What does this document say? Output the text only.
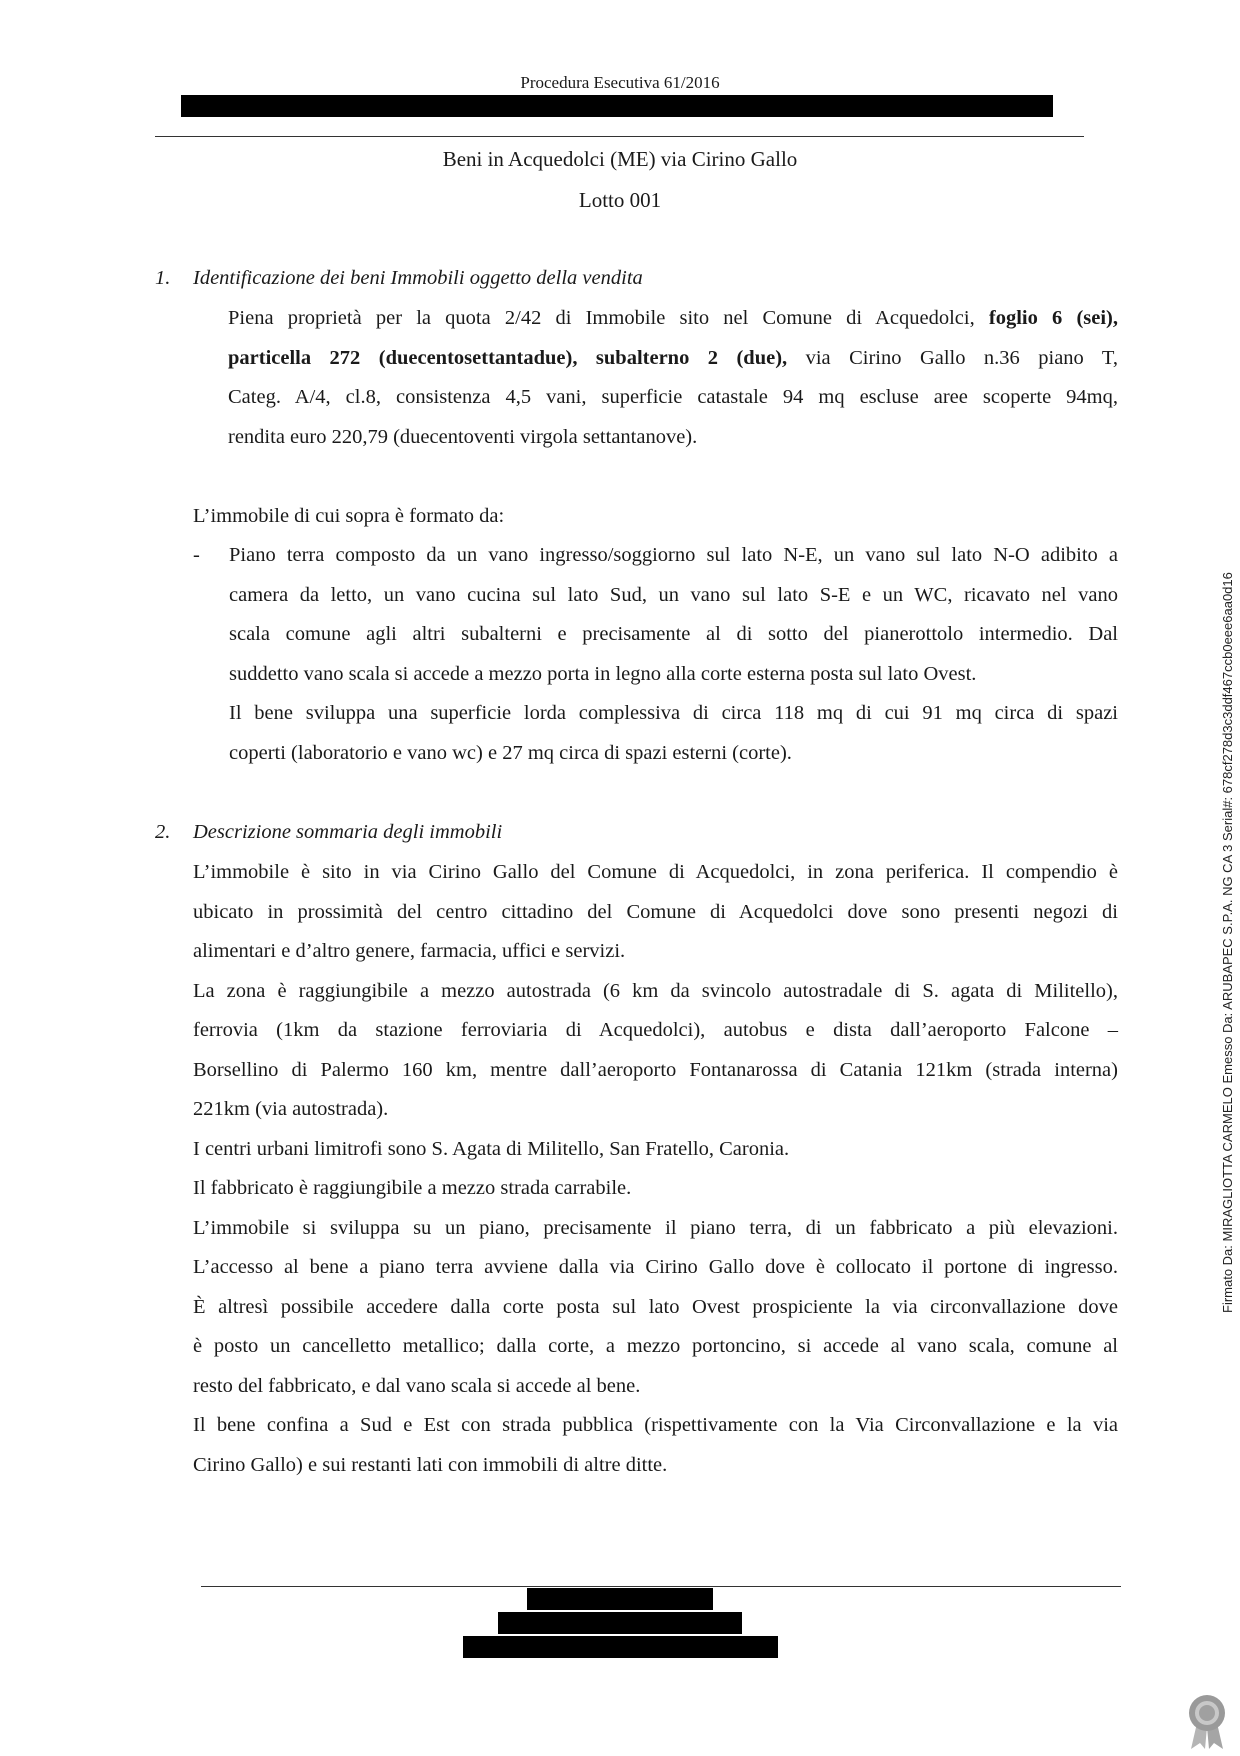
Procedura Esecutiva 61/2016
Beni in Acquedolci (ME) via Cirino Gallo
Lotto 001
1. Identificazione dei beni Immobili oggetto della vendita
Piena proprietà per la quota 2/42 di Immobile sito nel Comune di Acquedolci, foglio 6 (sei),
particella 272 (duecentosettantadue), subalterno 2 (due), via Cirino Gallo n.36 piano T,
Categ. A/4, cl.8, consistenza 4,5 vani, superficie catastale 94 mq escluse aree scoperte 94mq,
rendita euro 220,79 (duecentoventi virgola settantanove).
L’immobile di cui sopra è formato da:
- Piano terra composto da un vano ingresso/soggiorno sul lato N-E, un vano sul lato N-O adibito a
camera da letto, un vano cucina sul lato Sud, un vano sul lato S-E e un WC, ricavato nel vano
scala comune agli altri subalterni e precisamente al di sotto del pianerottolo intermedio. Dal
suddetto vano scala si accede a mezzo porta in legno alla corte esterna posta sul lato Ovest.
Il bene sviluppa una superficie lorda complessiva di circa 118 mq di cui 91 mq circa di spazi
coperti (laboratorio e vano wc) e 27 mq circa di spazi esterni (corte).
2. Descrizione sommaria degli immobili
L’immobile è sito in via Cirino Gallo del Comune di Acquedolci, in zona periferica. Il compendio è
ubicato in prossimità del centro cittadino del Comune di Acquedolci dove sono presenti negozi di
alimentari e d’altro genere, farmacia, uffici e servizi.
La zona è raggiungibile a mezzo autostrada (6 km da svincolo autostradale di S. agata di Militello),
ferrovia (1km da stazione ferroviaria di Acquedolci), autobus e dista dall’aeroporto Falcone –
Borsellino di Palermo 160 km, mentre dall’aeroporto Fontanarossa di Catania 121km (strada interna)
221km (via autostrada).
I centri urbani limitrofi sono S. Agata di Militello, San Fratello, Caronia.
Il fabbricato è raggiungibile a mezzo strada carrabile.
L’immobile si sviluppa su un piano, precisamente il piano terra, di un fabbricato a più elevazioni.
L’accesso al bene a piano terra avviene dalla via Cirino Gallo dove è collocato il portone di ingresso.
È altresì possibile accedere dalla corte posta sul lato Ovest prospiciente la via circonvallazione dove
è posto un cancelletto metallico; dalla corte, a mezzo portoncino, si accede al vano scala, comune al
resto del fabbricato, e dal vano scala si accede al bene.
Il bene confina a Sud e Est con strada pubblica (rispettivamente con la Via Circonvallazione e la via
Cirino Gallo) e sui restanti lati con immobili di altre ditte.
Firmato Da: MIRAGLIOTTA CARMELO Emesso Da: ARUBAPEC S.P.A. NG CA 3 Serial#: 678cf278d3c3ddf467ccb0eee6aa0d16
